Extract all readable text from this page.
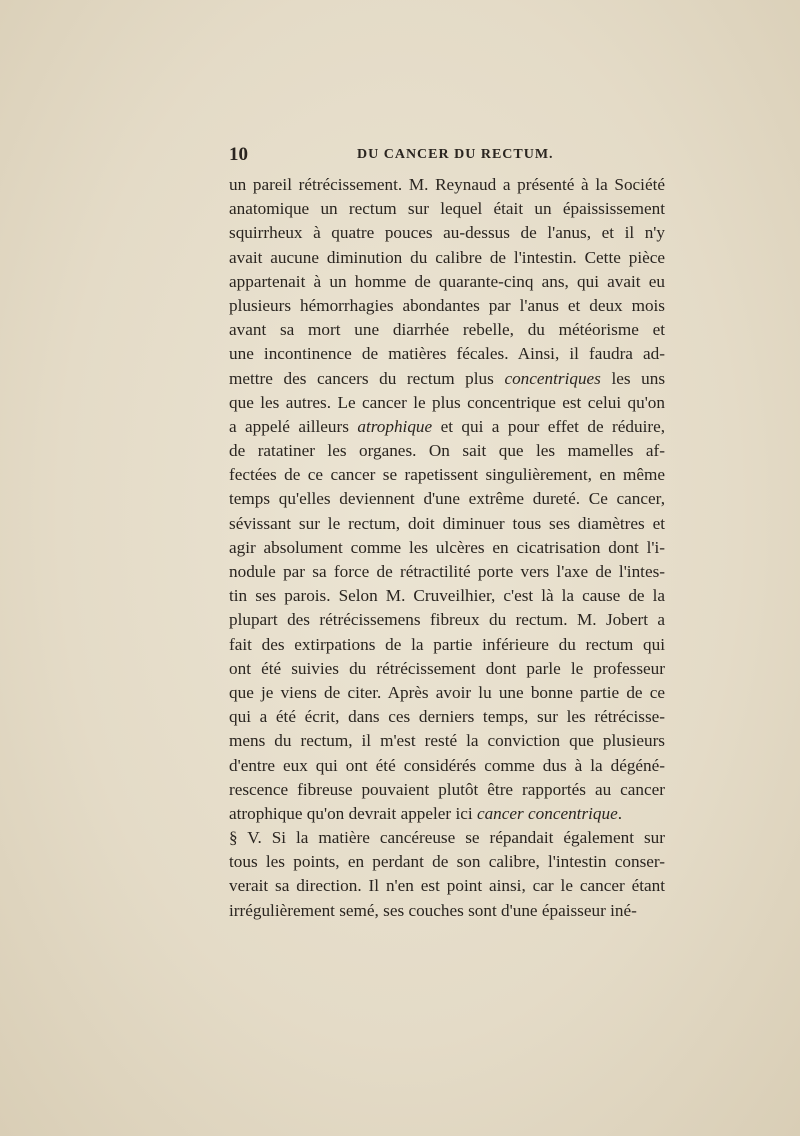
10	DU CANCER DU RECTUM.
un pareil rétrécissement. M. Reynaud a présenté à la Société
anatomique un rectum sur lequel était un épaississement
squirrheux à quatre pouces au-dessus de l'anus, et il n'y
avait aucune diminution du calibre de l'intestin. Cette pièce
appartenait à un homme de quarante-cinq ans, qui avait eu
plusieurs hémorrhagies abondantes par l'anus et deux mois
avant sa mort une diarrhée rebelle, du météorisme et
une incontinence de matières fécales. Ainsi, il faudra ad-
mettre des cancers du rectum plus concentriques les uns
que les autres. Le cancer le plus concentrique est celui qu'on
a appelé ailleurs atrophique et qui a pour effet de réduire,
de ratatiner les organes. On sait que les mamelles af-
fectées de ce cancer se rapetissent singulièrement, en même
temps qu'elles deviennent d'une extrême dureté. Ce cancer,
sévissant sur le rectum, doit diminuer tous ses diamètres et
agir absolument comme les ulcères en cicatrisation dont l'i-
nodule par sa force de rétractilité porte vers l'axe de l'intes-
tin ses parois. Selon M. Cruveilhier, c'est là la cause de la
plupart des rétrécissemens fibreux du rectum. M. Jobert a
fait des extirpations de la partie inférieure du rectum qui
ont été suivies du rétrécissement dont parle le professeur
que je viens de citer. Après avoir lu une bonne partie de ce
qui a été écrit, dans ces derniers temps, sur les rétrécisse-
mens du rectum, il m'est resté la conviction que plusieurs
d'entre eux qui ont été considérés comme dus à la dégéné-
rescence fibreuse pouvaient plutôt être rapportés au cancer
atrophique qu'on devrait appeler ici cancer concentrique.
§ V. Si la matière cancéreuse se répandait également sur
tous les points, en perdant de son calibre, l'intestin conser-
verait sa direction. Il n'en est point ainsi, car le cancer étant
irrégulièrement semé, ses couches sont d'une épaisseur iné-
